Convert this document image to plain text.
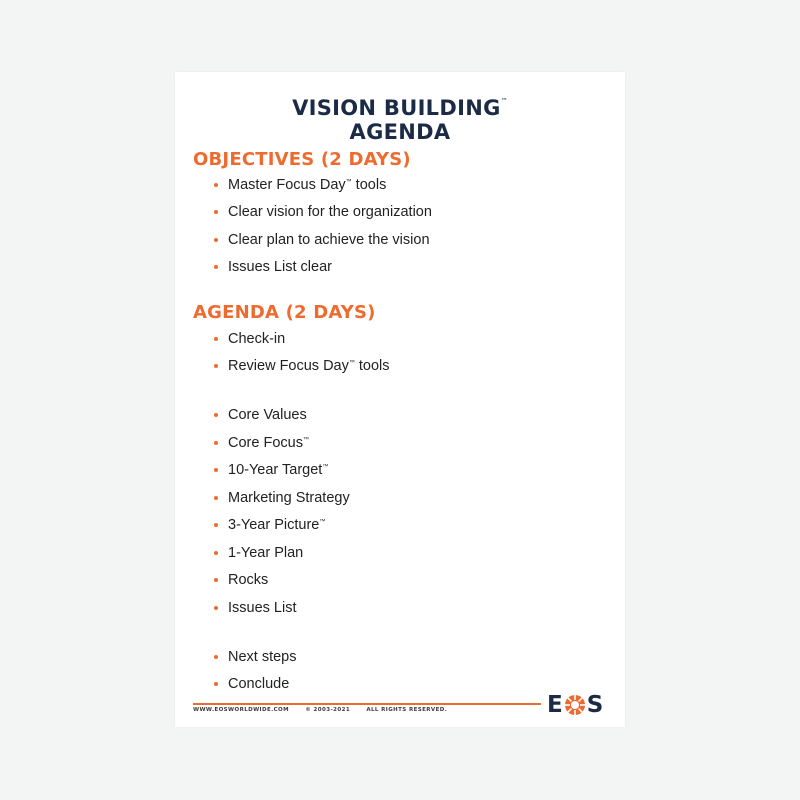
VISION BUILDING™
AGENDA
OBJECTIVES (2 DAYS)
Master Focus Day™ tools
Clear vision for the organization
Clear plan to achieve the vision
Issues List clear
AGENDA (2 DAYS)
Check-in
Review Focus Day™ tools
Core Values
Core Focus™
10-Year Target™
Marketing Strategy
3-Year Picture™
1-Year Plan
Rocks
Issues List
Next steps
Conclude
WWW.EOSWORLDWIDE.COM	© 2003-2021	ALL RIGHTS RESERVED.	E S
